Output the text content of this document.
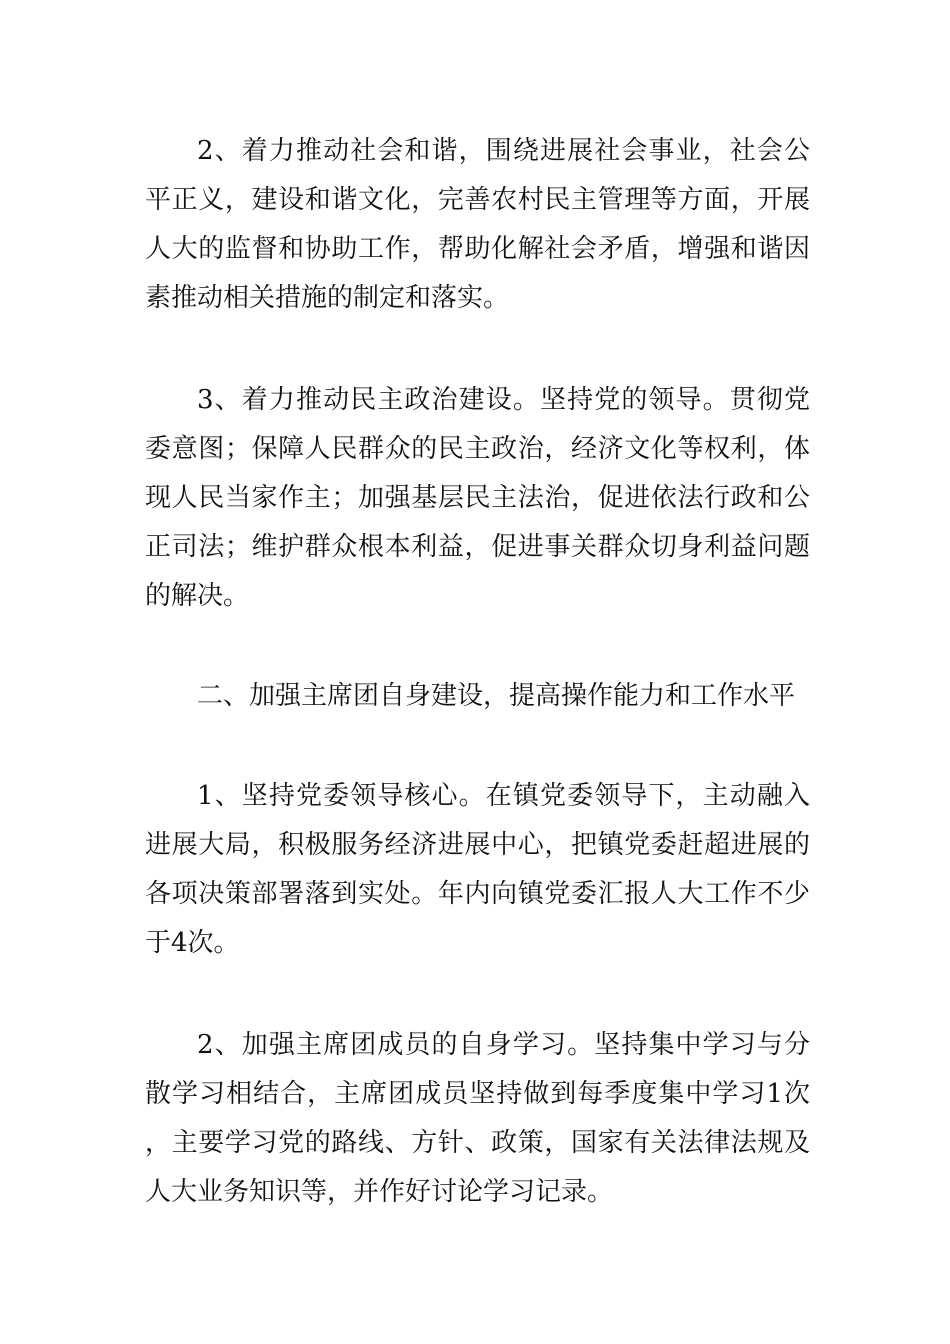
2、着力推动社会和谐，围绕进展社会事业，社会公平正义，建设和谐文化，完善农村民主管理等方面，开展人大的监督和协助工作，帮助化解社会矛盾，增强和谐因素推动相关措施的制定和落实。

3、着力推动民主政治建设。坚持党的领导。贯彻党委意图；保障人民群众的民主政治，经济文化等权利，体现人民当家作主；加强基层民主法治，促进依法行政和公正司法；维护群众根本利益，促进事关群众切身利益问题的解决。

二、加强主席团自身建设，提高操作能力和工作水平

1、坚持党委领导核心。在镇党委领导下，主动融入进展大局，积极服务经济进展中心，把镇党委赶超进展的各项决策部署落到实处。年内向镇党委汇报人大工作不少于4次。

2、加强主席团成员的自身学习。坚持集中学习与分散学习相结合，主席团成员坚持做到每季度集中学习1次，主要学习党的路线、方针、政策，国家有关法律法规及人大业务知识等，并作好讨论学习记录。
